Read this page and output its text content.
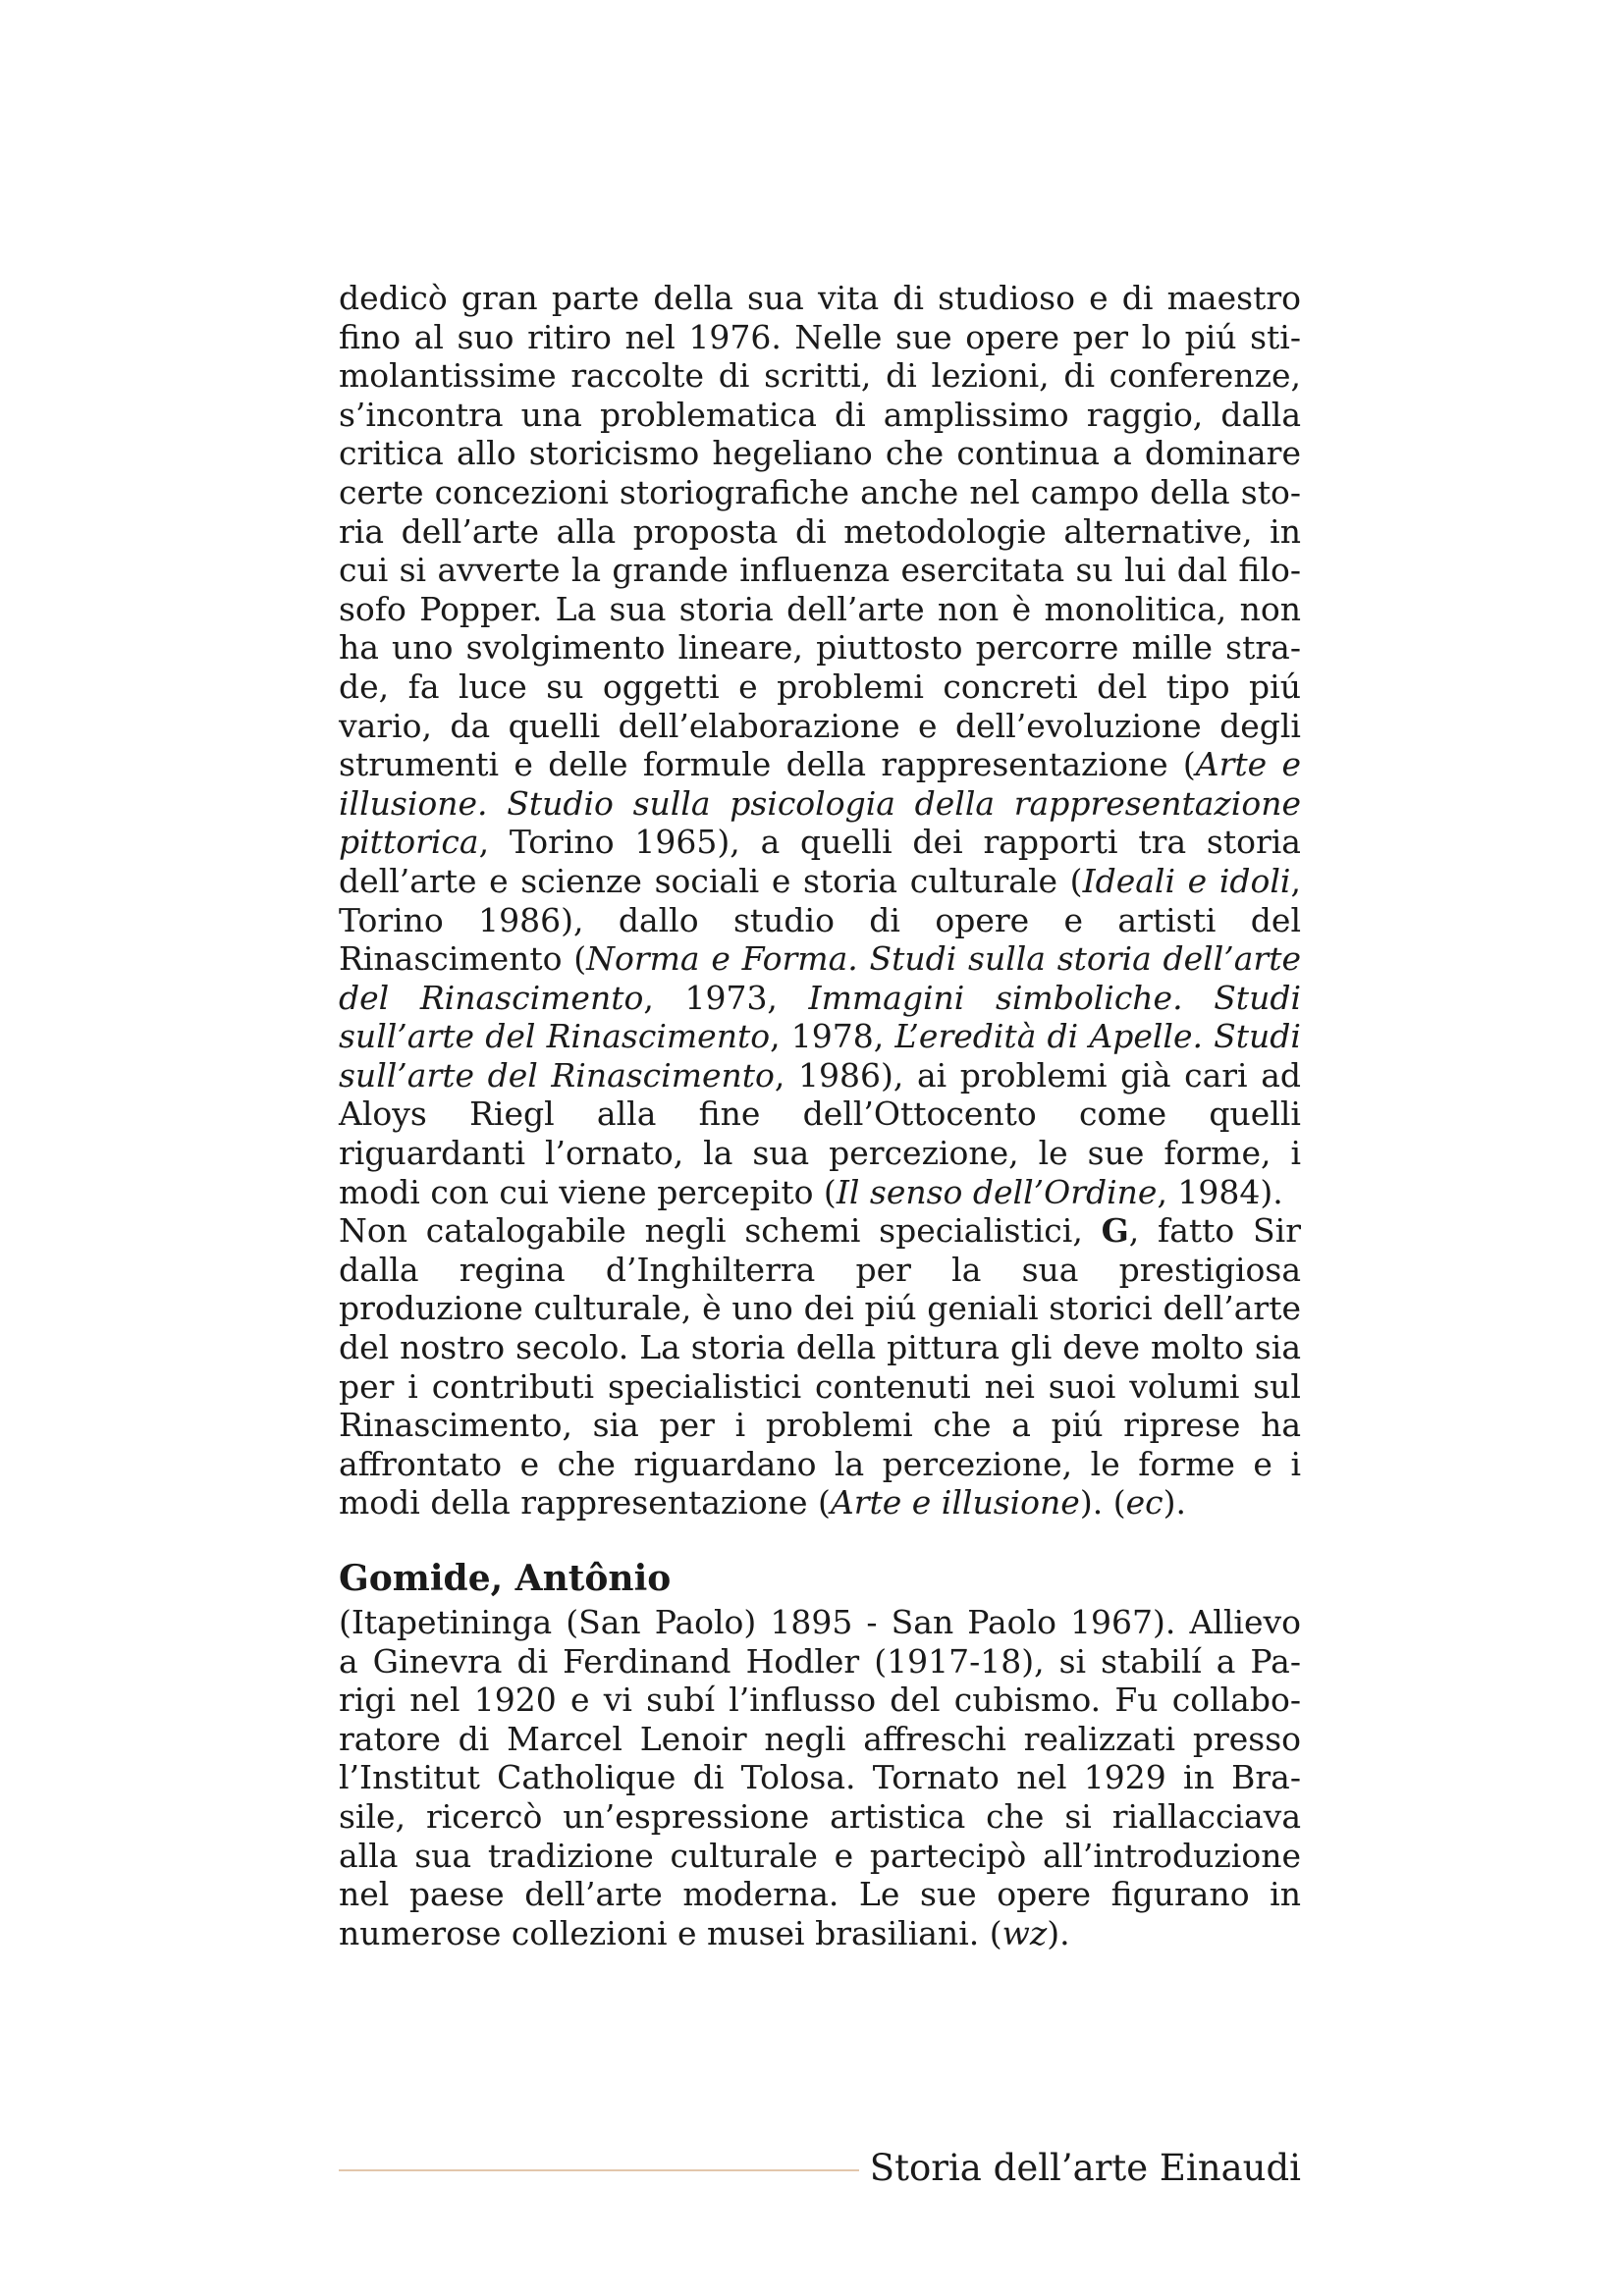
dedicò gran parte della sua vita di studioso e di maestro fino al suo ritiro nel 1976. Nelle sue opere per lo piú stimolantissime raccolte di scritti, di lezioni, di conferenze, s’incontra una problematica di amplissimo raggio, dalla critica allo storicismo hegeliano che continua a dominare certe concezioni storiografiche anche nel campo della storia dell’arte alla proposta di metodologie alternative, in cui si avverte la grande influenza esercitata su lui dal filosofo Popper. La sua storia dell’arte non è monolitica, non ha uno svolgimento lineare, piuttosto percorre mille strade, fa luce su oggetti e problemi concreti del tipo piú vario, da quelli dell’elaborazione e dell’evoluzione degli strumenti e delle formule della rappresentazione (Arte e illusione. Studio sulla psicologia della rappresentazione pittorica, Torino 1965), a quelli dei rapporti tra storia dell’arte e scienze sociali e storia culturale (Ideali e idoli, Torino 1986), dallo studio di opere e artisti del Rinascimento (Norma e Forma. Studi sulla storia dell’arte del Rinascimento, 1973, Immagini simboliche. Studi sull’arte del Rinascimento, 1978, L’eredità di Apelle. Studi sull’arte del Rinascimento, 1986), ai problemi già cari ad Aloys Riegl alla fine dell’Ottocento come quelli riguardanti l’ornato, la sua percezione, le sue forme, i modi con cui viene percepito (Il senso dell’Ordine, 1984).

Non catalogabile negli schemi specialistici, G, fatto Sir dalla regina d’Inghilterra per la sua prestigiosa produzione culturale, è uno dei piú geniali storici dell’arte del nostro secolo. La storia della pittura gli deve molto sia per i contributi specialistici contenuti nei suoi volumi sul Rinascimento, sia per i problemi che a piú riprese ha affrontato e che riguardano la percezione, le forme e i modi della rappresentazione (Arte e illusione). (ec).

Gomide, Antônio

(Itapetininga (San Paolo) 1895 - San Paolo 1967). Allievo a Ginevra di Ferdinand Hodler (1917-18), si stabilí a Parigi nel 1920 e vi subí l’influsso del cubismo. Fu collaboratore di Marcel Lenoir negli affreschi realizzati presso l’Institut Catholique di Tolosa. Tornato nel 1929 in Brasile, ricercò un’espressione artistica che si riallacciava alla sua tradizione culturale e partecipò all’introduzione nel paese dell’arte moderna. Le sue opere figurano in numerose collezioni e musei brasiliani. (wz).

Storia dell’arte Einaudi
